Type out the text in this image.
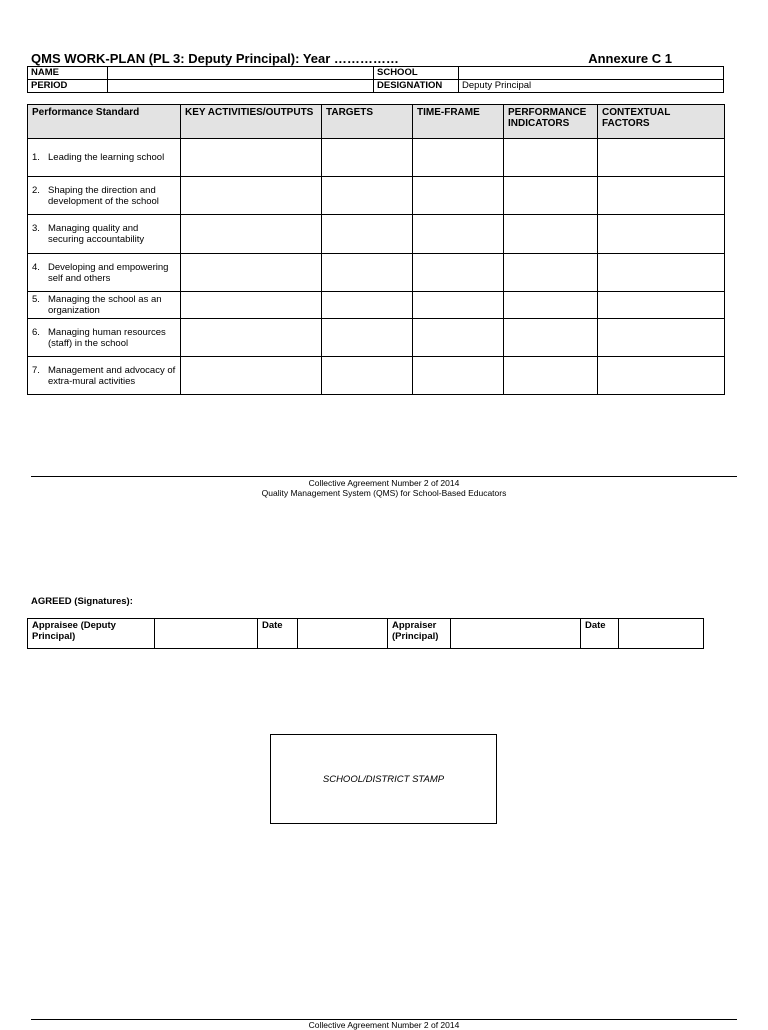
QMS WORK-PLAN (PL 3: Deputy Principal): Year ……………	Annexure C 1
NAME		SCHOOL	
PERIOD		DESIGNATION	Deputy Principal
Performance Standard	KEY ACTIVITIES/OUTPUTS	TARGETS	TIME-FRAME	PERFORMANCE INDICATORS	CONTEXTUAL FACTORS

1. Leading the learning school					

2. Shaping the direction and development of the school					

3. Managing quality and securing accountability					

4. Developing and empowering self and others					

5. Managing the school as an organization					

6. Managing human resources (staff) in the school					

7. Management and advocacy of extra-mural activities					

Collective Agreement Number 2 of 2014
Quality Management System (QMS) for School-Based Educators
AGREED (Signatures):
Appraisee (Deputy Principal)		Date		Appraiser (Principal)		Date	
SCHOOL/DISTRICT STAMP
Collective Agreement Number 2 of 2014
